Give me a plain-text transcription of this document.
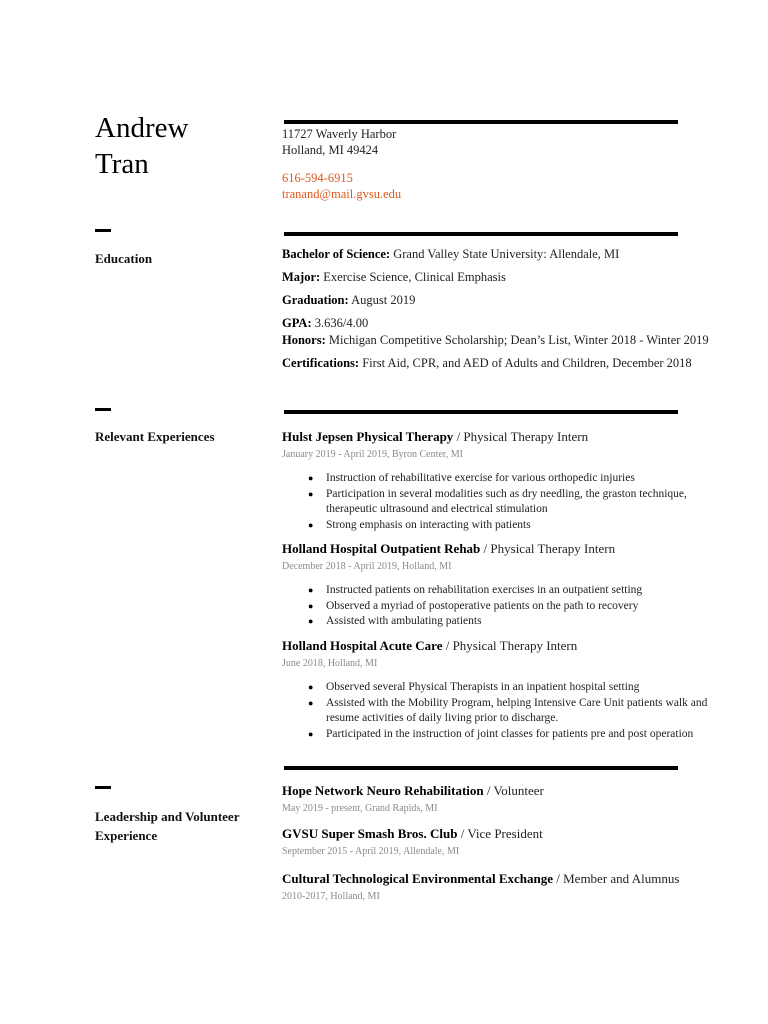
Andrew
Tran
11727 Waverly Harbor
Holland, MI 49424
616-594-6915
tranand@mail.gvsu.edu
Education	Bachelor of Science: Grand Valley State University: Allendale, MI

Major: Exercise Science, Clinical Emphasis

Graduation: August 2019

GPA: 3.636/4.00

Honors: Michigan Competitive Scholarship; Dean’s List, Winter 2018 - Winter 2019

Certifications: First Aid, CPR, and AED of Adults and Children, December 2018

Relevant Experiences	Hulst Jepsen Physical Therapy / Physical Therapy Intern
January 2019 - April 2019, Byron Center, MI
● Instruction of rehabilitative exercise for various orthopedic injuries
● Participation in several modalities such as dry needling, the graston technique, therapeutic ultrasound and electrical stimulation
● Strong emphasis on interacting with patients
Holland Hospital Outpatient Rehab / Physical Therapy Intern
December 2018 - April 2019, Holland, MI
● Instructed patients on rehabilitation exercises in an outpatient setting
● Observed a myriad of postoperative patients on the path to recovery
● Assisted with ambulating patients
Holland Hospital Acute Care / Physical Therapy Intern
June 2018, Holland, MI
● Observed several Physical Therapists in an inpatient hospital setting
● Assisted with the Mobility Program, helping Intensive Care Unit patients walk and resume activities of daily living prior to discharge.
● Participated in the instruction of joint classes for patients pre and post operation
Leadership and Volunteer Experience
Hope Network Neuro Rehabilitation / Volunteer
May 2019 - present, Grand Rapids, MI
GVSU Super Smash Bros. Club / Vice President
September 2015 - April 2019, Allendale, MI
Cultural Technological Environmental Exchange / Member and Alumnus
2010-2017, Holland, MI
